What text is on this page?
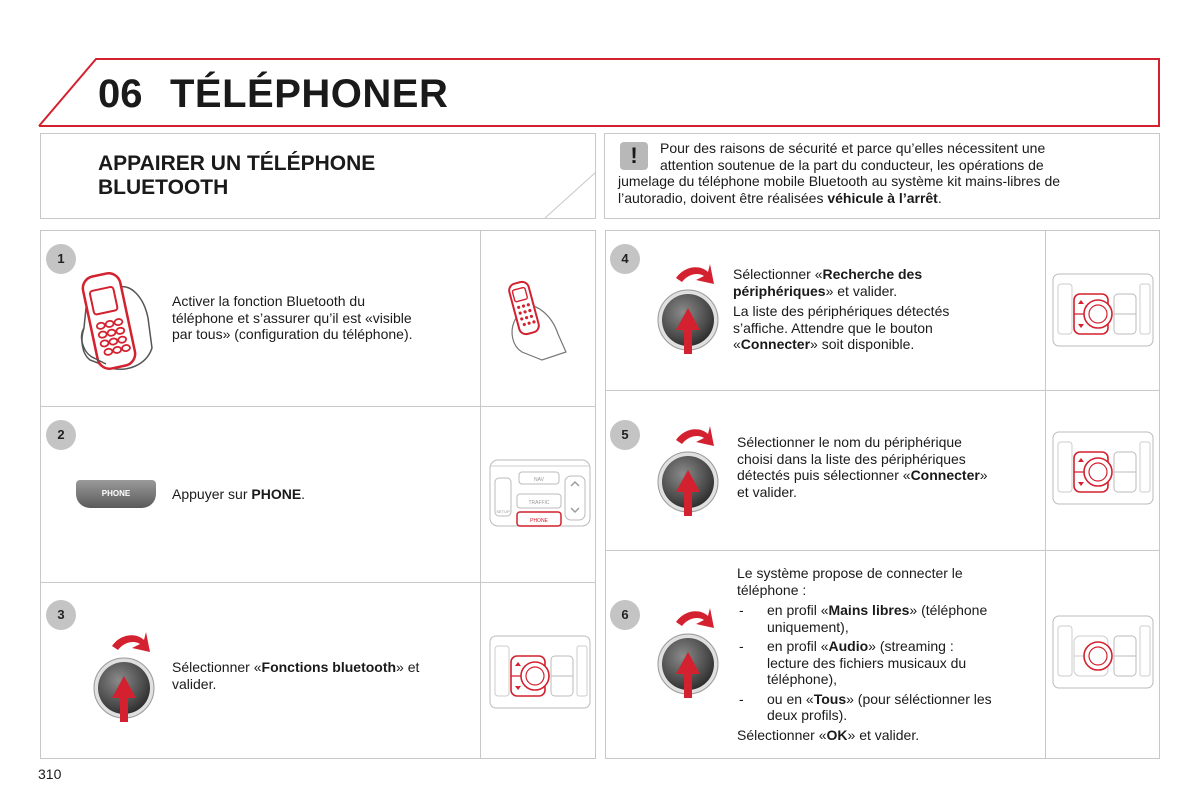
06 TÉLÉPHONER
APPAIRER UN TÉLÉPHONE
BLUETOOTH
!	Pour des raisons de sécurité et parce qu’elles nécessitent une
attention soutenue de la part du conducteur, les opérations de
jumelage du téléphone mobile Bluetooth au système kit mains-libres de
l’autoradio, doivent être réalisées véhicule à l’arrêt.
1
Activer la fonction Bluetooth du
téléphone et s’assurer qu’il est «visible
par tous» (configuration du téléphone).
2
PHONE	Appuyer sur PHONE.
NAV
TRAFFIC
SETUP
PHONE
3
Sélectionner «Fonctions bluetooth» et
valider.
4
Sélectionner «Recherche des
périphériques» et valider.
La liste des périphériques détectés
s’affiche. Attendre que le bouton
«Connecter» soit disponible.
5	Sélectionner le nom du périphérique
choisi dans la liste des périphériques
détectés puis sélectionner «Connecter»
et valider.
6
Le système propose de connecter le
téléphone :
- en profil «Mains libres» (téléphone
uniquement),
- en profil «Audio» (streaming :
lecture des fichiers musicaux du
téléphone),
- ou en «Tous» (pour séléctionner les
deux profils).
Sélectionner «OK» et valider.
310
